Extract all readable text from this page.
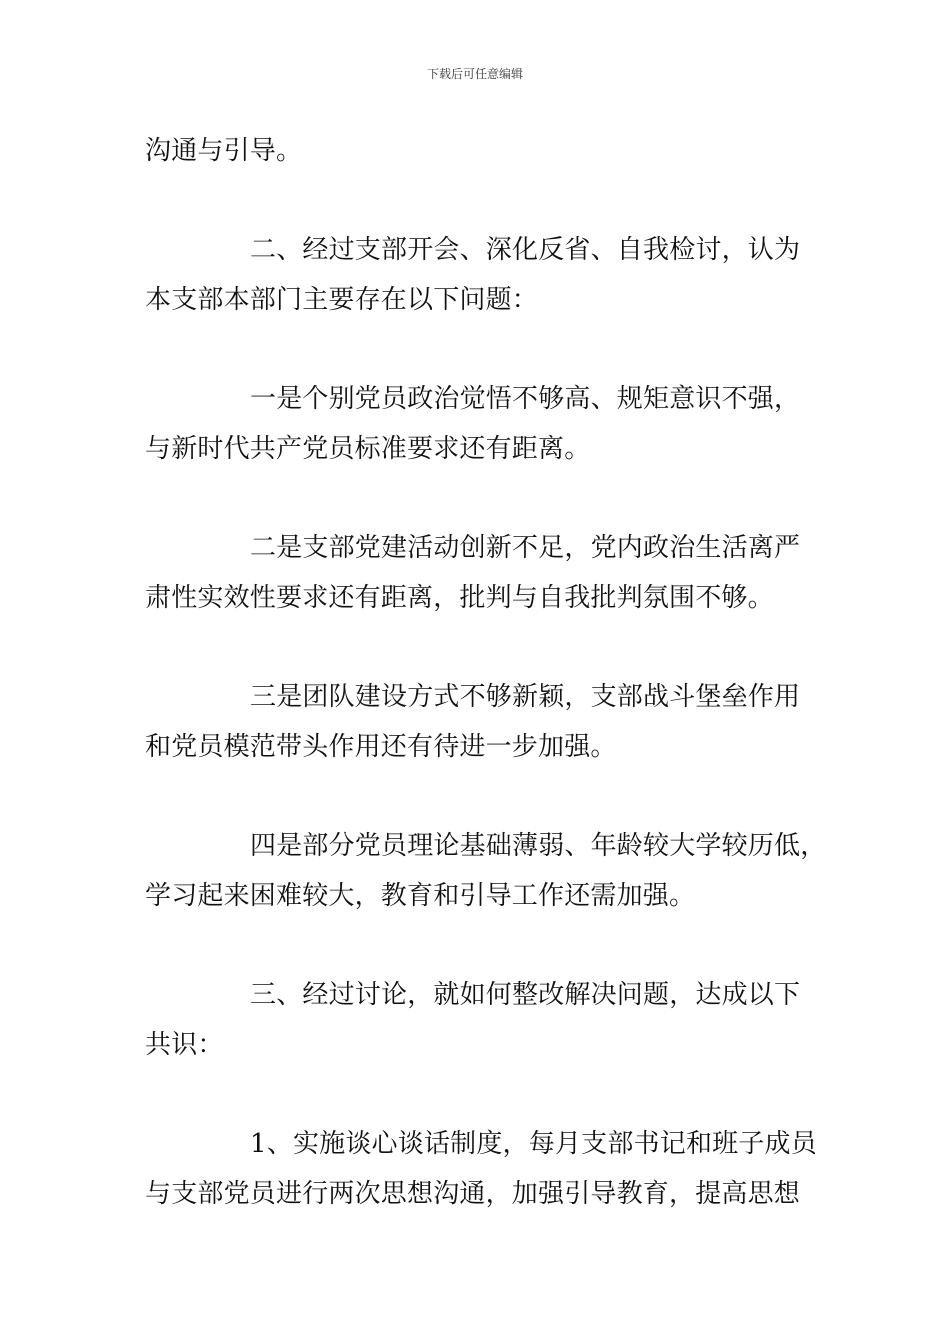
下载后可任意编辑
沟通与引导。
二、经过支部开会、深化反省、自我检讨，认为
本支部本部门主要存在以下问题：
一是个别党员政治觉悟不够高、规矩意识不强，
与新时代共产党员标准要求还有距离。
二是支部党建活动创新不足，党内政治生活离严
肃性实效性要求还有距离，批判与自我批判氛围不够。
三是团队建设方式不够新颖，支部战斗堡垒作用
和党员模范带头作用还有待进一步加强。
四是部分党员理论基础薄弱、年龄较大学较历低，
学习起来困难较大，教育和引导工作还需加强。
三、经过讨论，就如何整改解决问题，达成以下
共识：
1、实施谈心谈话制度，每月支部书记和班子成员
与支部党员进行两次思想沟通，加强引导教育，提高思想
